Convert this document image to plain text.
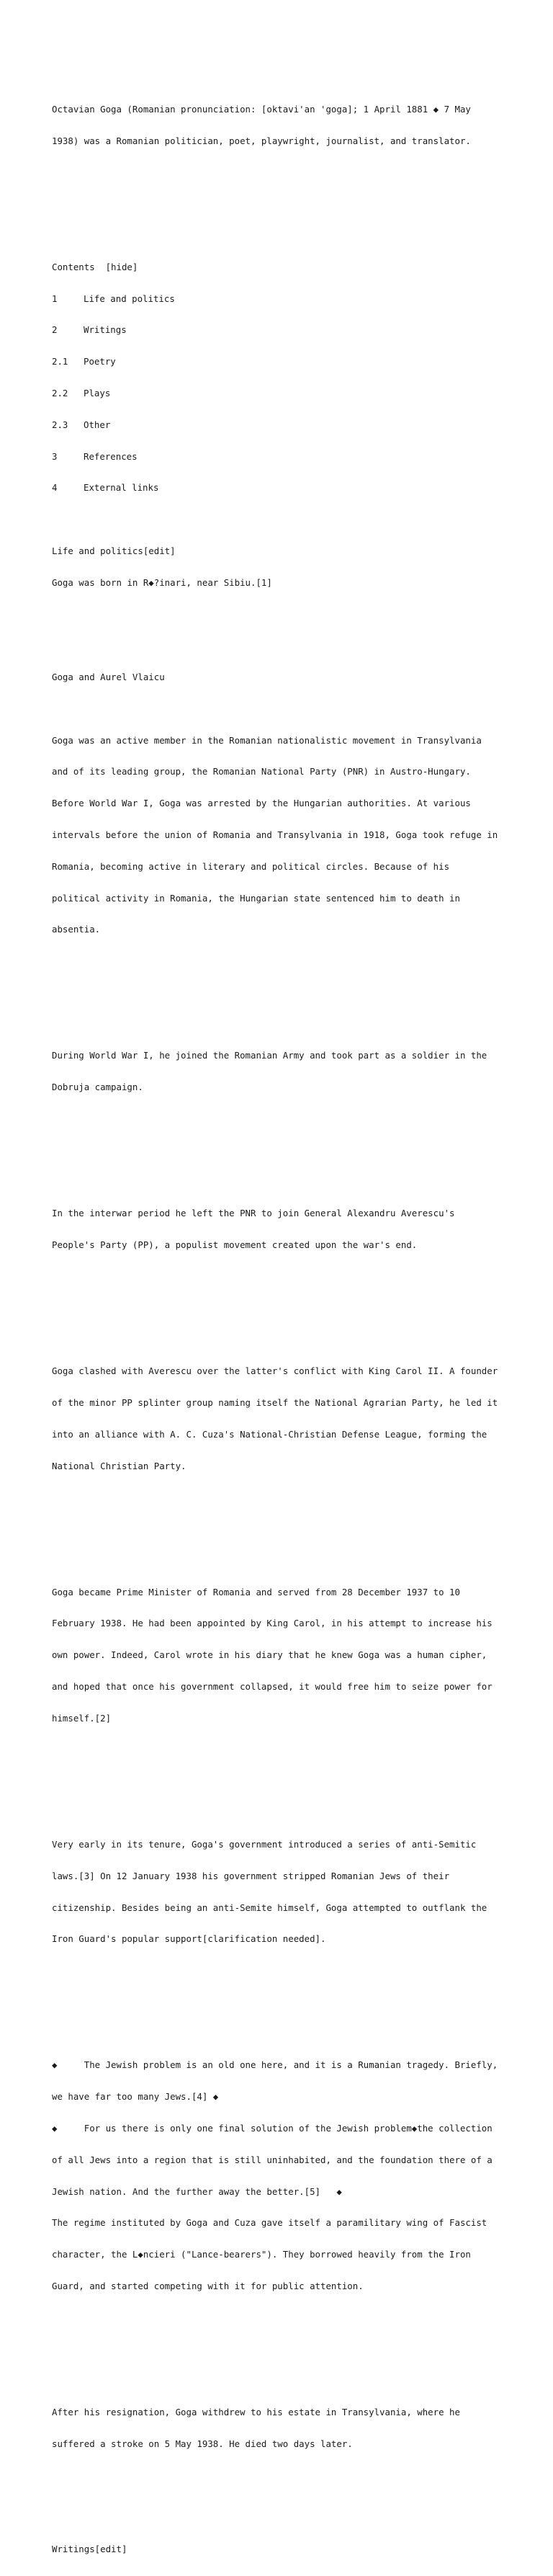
Octavian Goga (Romanian pronunciation: [oktavi'an 'goga]; 1 April 1881 ◆ 7 May

1938) was a Romanian politician, poet, playwright, journalist, and translator.

Contents  [hide]

1	Life and politics

2	Writings

2.1 Poetry

2.2 Plays

2.3 Other

3	References

4	External links

Life and politics[edit]

Goga was born in R◆?inari, near Sibiu.[1]

Goga and Aurel Vlaicu

Goga was an active member in the Romanian nationalistic movement in Transylvania

and of its leading group, the Romanian National Party (PNR) in Austro-Hungary.

Before World War I, Goga was arrested by the Hungarian authorities. At various

intervals before the union of Romania and Transylvania in 1918, Goga took refuge in

Romania, becoming active in literary and political circles. Because of his

political activity in Romania, the Hungarian state sentenced him to death in

absentia.

During World War I, he joined the Romanian Army and took part as a soldier in the

Dobruja campaign.

In the interwar period he left the PNR to join General Alexandru Averescu's

People's Party (PP), a populist movement created upon the war's end.

Goga clashed with Averescu over the latter's conflict with King Carol II. A founder

of the minor PP splinter group naming itself the National Agrarian Party, he led it

into an alliance with A. C. Cuza's National-Christian Defense League, forming the

National Christian Party.

Goga became Prime Minister of Romania and served from 28 December 1937 to 10

February 1938. He had been appointed by King Carol, in his attempt to increase his

own power. Indeed, Carol wrote in his diary that he knew Goga was a human cipher,

and hoped that once his government collapsed, it would free him to seize power for

himself.[2]

Very early in its tenure, Goga's government introduced a series of anti-Semitic

laws.[3] On 12 January 1938 his government stripped Romanian Jews of their

citizenship. Besides being an anti-Semite himself, Goga attempted to outflank the

Iron Guard's popular support[clarification needed].

◆     The Jewish problem is an old one here, and it is a Rumanian tragedy. Briefly,

we have far too many Jews.[4] ◆

◆     For us there is only one final solution of the Jewish problem◆the collection

of all Jews into a region that is still uninhabited, and the foundation there of a

Jewish nation. And the further away the better.[5]   ◆

The regime instituted by Goga and Cuza gave itself a paramilitary wing of Fascist

character, the L◆ncieri ("Lance-bearers"). They borrowed heavily from the Iron

Guard, and started competing with it for public attention.

After his resignation, Goga withdrew to his estate in Transylvania, where he

suffered a stroke on 5 May 1938. He died two days later.

Writings[edit]
